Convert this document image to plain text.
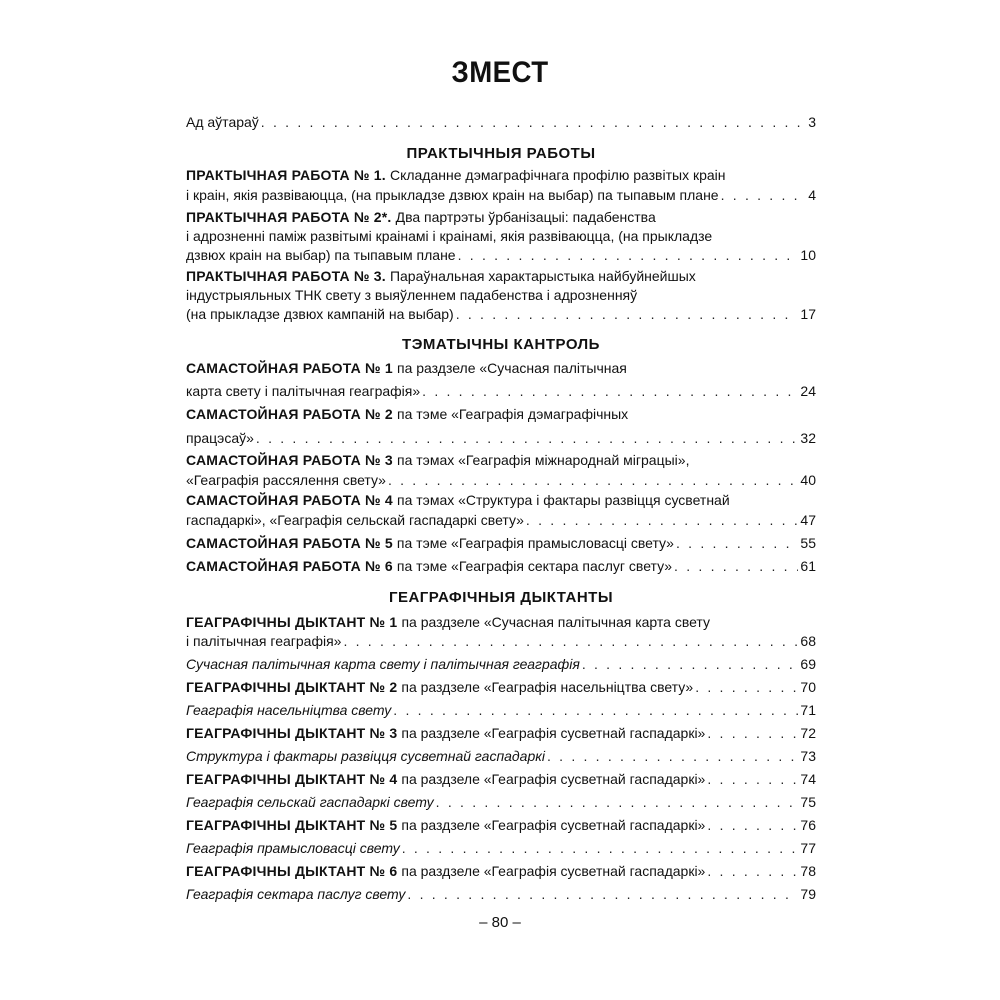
ЗМЕСТ
Ад аўтараў . . .	3
ПРАКТЫЧНЫЯ РАБОТЫ
ПРАКТЫЧНАЯ РАБОТА № 1. Складанне дэмаграфічнага профілю развітых краін
і краін, якія развіваюцца, (на прыкладзе дзвюх краін на выбар) па тыпавым плане . . .	4
ПРАКТЫЧНАЯ РАБОТА № 2*. Два партрэты ўрбанізацыі: падабенства
і адрозненні паміж развітымі краінамі і краінамі, якія развіваюцца, (на прыкладзе
дзвюх краін на выбар) па тыпавым плане . . .	10
ПРАКТЫЧНАЯ РАБОТА № 3. Параўнальная характарыстыка найбуйнейшых
індустрыяльных ТНК свету з выяўленнем падабенства і адрозненняў
(на прыкладзе дзвюх кампаній на выбар) . . .	17
ТЭМАТЫЧНЫ КАНТРОЛЬ
САМАСТОЙНАЯ РАБОТА № 1 па раздзеле «Сучасная палітычная
карта свету і палітычная геаграфія» . . .	24
САМАСТОЙНАЯ РАБОТА № 2 па тэме «Геаграфія дэмаграфічных
працэсаў» . . .	32
САМАСТОЙНАЯ РАБОТА № 3 па тэмах «Геаграфія міжнароднай міграцыі»,
«Геаграфія рассялення свету» . . .	40
САМАСТОЙНАЯ РАБОТА № 4 па тэмах «Структура і фактары развіцця сусветнай
гаспадаркі», «Геаграфія сельскай гаспадаркі свету» . . .	47
САМАСТОЙНАЯ РАБОТА № 5 па тэме «Геаграфія прамысловасці свету» . . .	55
САМАСТОЙНАЯ РАБОТА № 6 па тэме «Геаграфія сектара паслуг свету» . . .	61
ГЕАГРАФІЧНЫЯ ДЫКТАНТЫ
ГЕАГРАФІЧНЫ ДЫКТАНТ № 1 па раздзеле «Сучасная палітычная карта свету
і палітычная геаграфія» . . .	68
Сучасная палітычная карта свету і палітычная геаграфія . . .	69
ГЕАГРАФІЧНЫ ДЫКТАНТ № 2 па раздзеле «Геаграфія насельніцтва свету» . . .	70
Геаграфія насельніцтва свету . . .	71
ГЕАГРАФІЧНЫ ДЫКТАНТ № 3 па раздзеле «Геаграфія сусветнай гаспадаркі» . . .	72
Структура і фактары развіцця сусветнай гаспадаркі . . .	73
ГЕАГРАФІЧНЫ ДЫКТАНТ № 4 па раздзеле «Геаграфія сусветнай гаспадаркі» . . .	74
Геаграфія сельскай гаспадаркі свету . . .	75
ГЕАГРАФІЧНЫ ДЫКТАНТ № 5 па раздзеле «Геаграфія сусветнай гаспадаркі» . . .	76
Геаграфія прамысловасці свету . . .	77
ГЕАГРАФІЧНЫ ДЫКТАНТ № 6 па раздзеле «Геаграфія сусветнай гаспадаркі» . . .	78
Геаграфія сектара паслуг свету . . .	79
– 80 –
